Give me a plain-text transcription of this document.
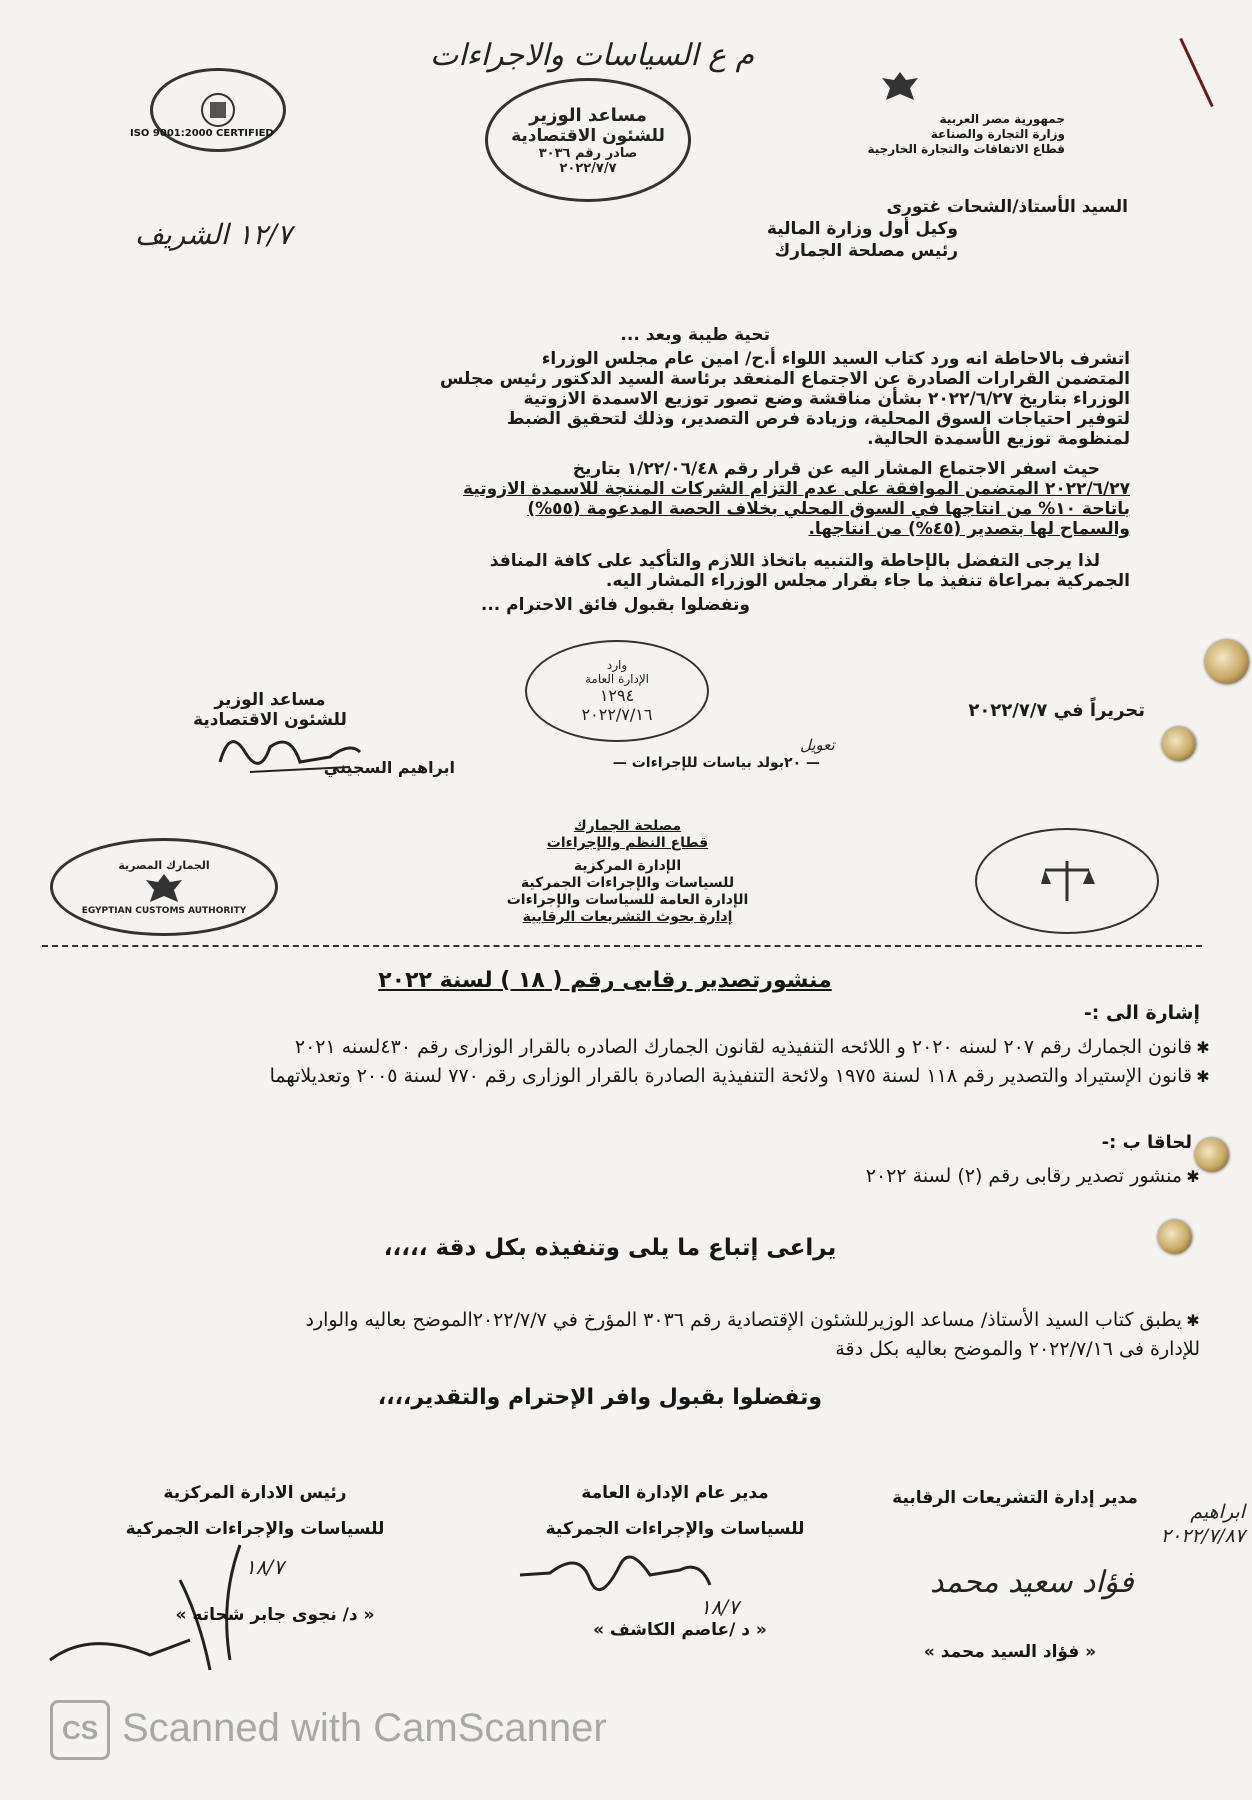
م ع السياسات والاجراءات
ISO 9001:2000 CERTIFIED
مساعد الوزير
للشئون الاقتصادية
صادر رقم ٣٠٣٦
٢٠٢٢/٧/٧
جمهورية مصر العربية
وزارة التجارة والصناعة
قطاع الاتفاقات والتجارة الخارجية
السيد الأستاذ/الشحات غتورى
وكيل أول وزارة المالية
رئيس مصلحة الجمارك
١٢/٧ الشريف
تحية طيبة وبعد ...
اتشرف بالاحاطة انه ورد كتاب السيد اللواء أ.ح/ امين عام مجلس الوزراء
المتضمن القرارات الصادرة عن الاجتماع المنعقد برئاسة السيد الدكتور رئيس مجلس
الوزراء بتاريخ ٢٠٢٢/٦/٢٧ بشأن مناقشة وضع تصور توزيع الاسمدة الازوتية
لتوفير احتياجات السوق المحلية، وزيادة فرص التصدير، وذلك لتحقيق الضبط
لمنظومة توزيع الأسمدة الحالية.
حيث اسفر الاجتماع المشار اليه عن قرار رقم ١/٢٢/٠٦/٤٨ بتاريخ
٢٠٢٢/٦/٢٧ المتضمن الموافقة على عدم التزام الشركات المنتجة للاسمدة الازوتية
باتاحة ١٠% من انتاجها في السوق المحلي بخلاف الحصة المدعومة (٥٥%)
والسماح لها بتصدير (٤٥%) من انتاجها.
لذا يرجى التفضل بالإحاطة والتنبيه باتخاذ اللازم والتأكيد على كافة المنافذ
الجمركية بمراعاة تنفيذ ما جاء بقرار مجلس الوزراء المشار اليه.
وتفضلوا بقبول فائق الاحترام ...
وارد
الإدارة العامة
١٢٩٤
٢٠٢٢/٧/١٦
مساعد الوزير
للشئون الاقتصادية	تحريراً في ٢٠٢٢/٧/٧
تعويل
ابراهيم السجيني	— ٢٠بولد بياسات للإجراءات —
الجمارك المصرية
EGYPTIAN CUSTOMS AUTHORITY
مصلحة الجمارك
قطاع النظم والإجراءات
الإدارة المركزية
للسياسات والإجراءات الجمركية
الإدارة العامة للسياسات والإجراءات
إدارة بحوث التشريعات الرقابية
منشورتصدير رقابى رقم ( ١٨ ) لسنة ٢٠٢٢
إشارة الى :-
✱قانون الجمارك رقم ٢٠٧ لسنه ٢٠٢٠ و اللائحه التنفيذيه لقانون الجمارك الصادره بالقرار الوزارى رقم ٤٣٠لسنه ٢٠٢١
✱قانون الإستيراد والتصدير رقم ١١٨ لسنة ١٩٧٥ ولائحة التنفيذية الصادرة بالقرار الوزارى رقم ٧٧٠ لسنة ٢٠٠٥ وتعديلاتهما
لحاقا ب :-
✱منشور تصدير رقابى رقم (٢) لسنة ٢٠٢٢
يراعى إتباع ما يلى وتنفيذه بكل دقة ،،،،،
✱يطبق كتاب السيد الأستاذ/ مساعد الوزيرللشئون الإقتصادية رقم ٣٠٣٦ المؤرخ في ٢٠٢٢/٧/٧الموضح بعاليه والوارد
للإدارة فى ٢٠٢٢/٧/١٦ والموضح بعاليه بكل دقة
وتفضلوا بقبول وافر الإحترام والتقدير،،،،
مدير إدارة التشريعات الرقابية
فؤاد سعيد محمد
« فؤاد السيد محمد »
مدير عام الإدارة العامة
للسياسات والإجراءات الجمركية
١٨/٧
« د /عاصم الكاشف »
رئيس الادارة المركزية
للسياسات والإجراءات الجمركية
١٨/٧
« د/ نجوى جابر شحاته »
ابراهيم ٢٠٢٢/٧/٨٧
CS Scanned with CamScanner
